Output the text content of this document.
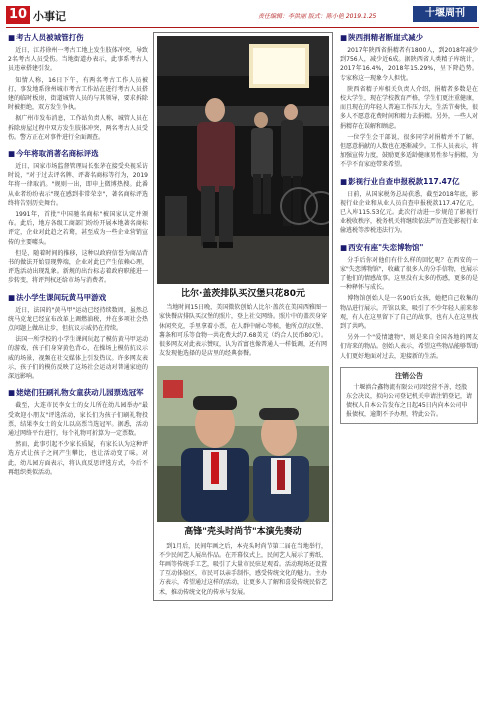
10 小事记	责任编辑：李洪丽 版式：陈小艳 2019.1.25	十堰周刊
■ 考古人员被城管打伤

近日，江苏徐州一考古工地上发生肢体冲突，导致2名考古人员受伤。当地街道办表示，此事系考古人员违章搭建引发。

知情人称，16日下午，有两名考古工作人员被打，事发地系徐州城市考古工作站在进行考古人员搭建的临时板房，街道城管人员的与其领导，要求拆除时被拒绝，双方发生争执。

据广州市发布消息，工作站负责人称，城管人员在拆除房屋过程中双方发生肢体冲突，两名考古人员受伤。警方正在对事件进行全面调查。

■ 今年将取消著名商标评选

近日，国家市场监督管理局长张茅在接受央视采访时说，"对于过去评名牌、评著名商标等行为，2019年将一律取消。"规则一出，即申上微博热搜。此番从业者纷纷表示"现在感到非常荣幸"，著名商标评选终将告别历史舞台。

1991年，首批"中国驰名商标"被国家认定并颁布。此后，地方各级工商部门纷纷开展本地著名商标评定，企业对此趋之若鹜，甚至成为一些企业营销宣传的主要噱头。

但是，随着时间的推移，这种以政府信誉为商品背书的做法开始显现弊端，企业对此已产生依赖心理，评选活动出现乱象。新规的出台标志着政府职能进一步转变，将评判权还给市场与消费者。

■ 法小学生课间玩黄马甲游戏

近日，法国的"黄马甲"运动已经持续数周，虽然总统马克龙已经宣布改革上调燃油税，并在多项社会热点问题上做出让步，但抗议示威仍在持续。

法国一所学校的小学生课间玩起了模仿黄马甲运动的游戏，孩子们身穿黄色背心，在操场上模仿抗议示威的场景，视频在社交媒体上引发热议。许多网友表示，孩子们的模仿反映了这场社会运动对普通家庭的深远影响。

■ 姥姥们狂刷礼物女童获动儿园票选冠军

截至，大连市民李女士的女儿所在幼儿园举办"最受欢迎小朋友"评选活动，家长们为孩子们刷礼物投票，结果李女士的女儿以高票当选冠军。据悉，活动通过网络平台进行，每个礼物可折算为一定票数。

然而，此事引起不少家长质疑，有家长认为这种评选方式让孩子之间产生攀比，也让活动变了味。对此，幼儿园方面表示，将认真反思评选方式，今后不再组织类似活动。

比尔·盖茨排队买汉堡只花80元

当地时间15日晚，美国微软创始人比尔·盖茨在美国西雅图一家快餐店排队买汉堡的照片，登上社交网络。照片中的盖茨身穿休闲夹克，手里拿着小票，在人群中耐心等候，他所点的汉堡、薯条和可乐等食物一共花费大约7.68美元（约合人民币80元）。很多网友对此表示赞叹，认为首富也像普通人一样低调，还有网友发现他选择的是店里的经典套餐。

高锋"壳头时尚节"本演先奏动

到1月后，民间年画之后，本壳头时尚节第二届在当地举行，不少民间艺人展出作品。在开幕仪式上，民间艺人展示了剪纸、年画等传统手工艺，吸引了大量市民驻足观看。活动现场还设置了互动体验区，市民可以亲手制作，感受传统文化的魅力。主办方表示，希望通过这样的活动，让更多人了解和喜爱传统民俗艺术，推动传统文化的传承与发展。

■ 陕西捐精者断崖式减少

2017年陕西省捐精者有1800人，到2018年减少到756人，减少近6成。据陕西省人类精子库统计，2017年16.4%，2018年15.29%，呈下降趋势。专家称这一现象令人担忧。

陕西省精子库相关负责人介绍，捐精者多数是在校大学生，现在学校教育严格，学生们更注重健康，而且现在的年轻人普遍工作压力大，生活节奏快，很多人不愿意花费时间和精力去捐精。另外，一些人对捐精存在误解和顾虑。

一位学生会干部说，很多同学对捐精并不了解，但愿意捐献的人数也在逐渐减少。工作人员表示，将加强宣传力度，鼓励更多适龄健康男性参与捐精，为不孕不育家庭带来希望。

■ 影视行业自查申报税款117.47亿

日前，从国家税务总局获悉，截至2018年底，影视行业企业和从业人员自查申报税款117.47亿元，已入库115.53亿元。此次行动进一步规范了影视行业税收秩序，税务机关将继续依法严厉查处影视行业偷逃税等涉税违法行为。

■ 西安有座"失恋博物馆"

分手后你对他们有什么样的回忆呢？在西安的一家"失恋博物馆"，收藏了很多人的分手信物，也展示了他们的情感故事。这里没有太多的伤感，更多的是一种释怀与成长。

博物馆创始人是一名90后女孩，她把自己收集的物品进行展示。开馆以来，吸引了不少年轻人前来参观，有人在这里留下了自己的故事，也有人在这里找到了共鸣。

另外一个"爱情遗物"，则是来自全国各地的网友们寄来的物品。创始人表示，希望这些物品能够帮助人们更好地面对过去，迎接新的生活。

注销公告

十堰滇合鑫物流有限公司因经营不善，经股东会决议，拟向公司登记机关申请注销登记，请债权人自本公告发布之日起45日内向本公司申报债权，逾期不予办理，特此公告。
